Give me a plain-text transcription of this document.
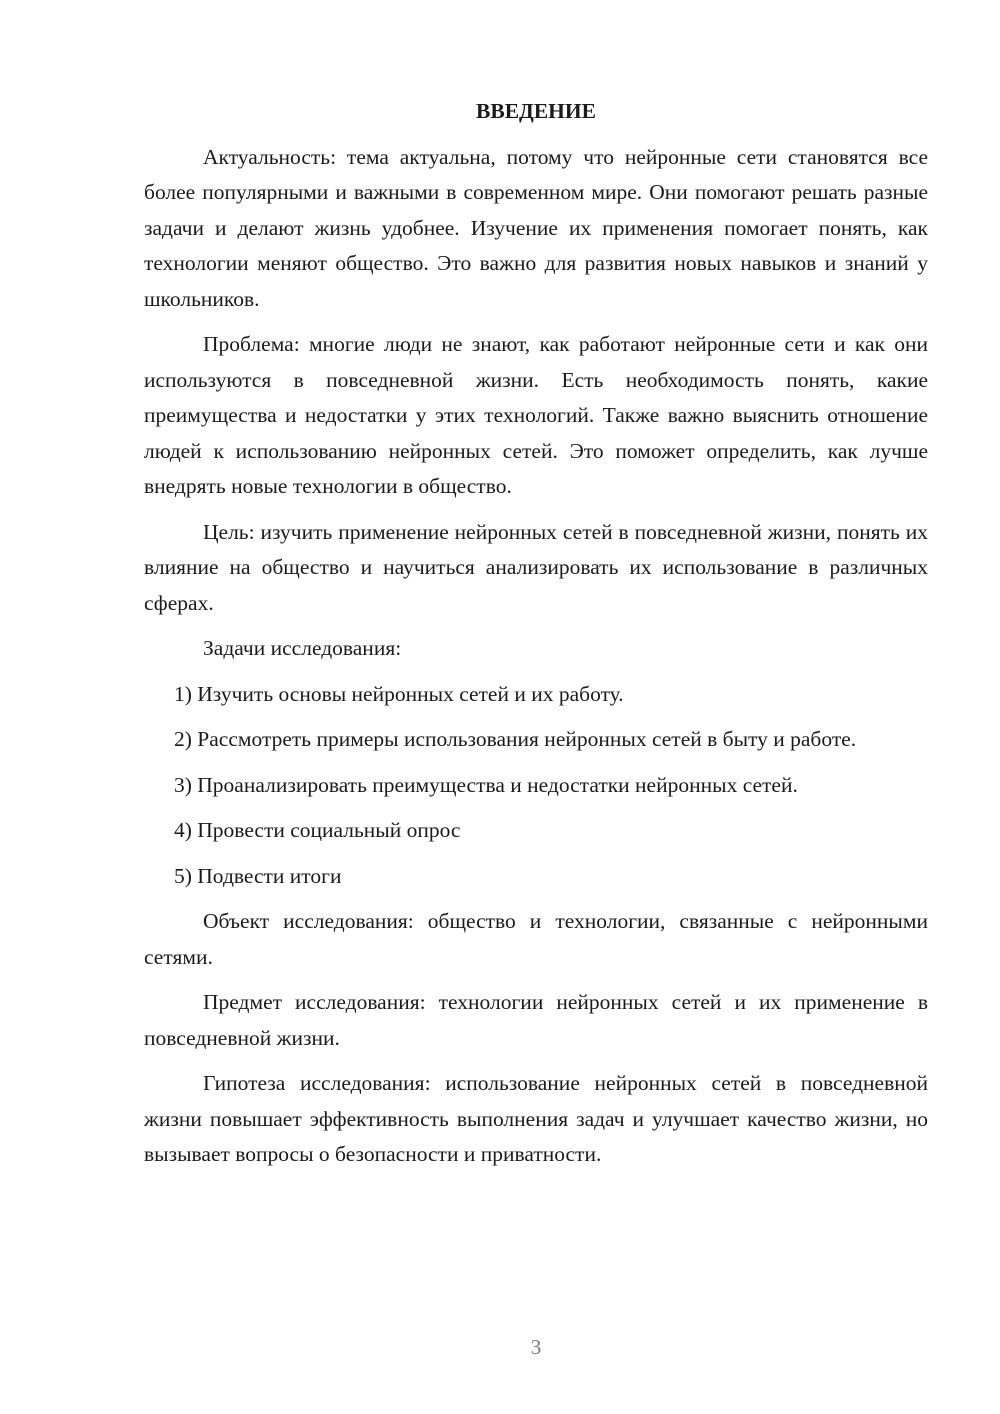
ВВЕДЕНИЕ

Актуальность: тема актуальна, потому что нейронные сети становятся все более популярными и важными в современном мире. Они помогают решать разные задачи и делают жизнь удобнее. Изучение их применения помогает понять, как технологии меняют общество. Это важно для развития новых навыков и знаний у школьников.

Проблема: многие люди не знают, как работают нейронные сети и как они используются в повседневной жизни. Есть необходимость понять, какие преимущества и недостатки у этих технологий. Также важно выяснить отношение людей к использованию нейронных сетей. Это поможет определить, как лучше внедрять новые технологии в общество.

Цель: изучить применение нейронных сетей в повседневной жизни, понять их влияние на общество и научиться анализировать их использование в различных сферах.

Задачи исследования:

1) Изучить основы нейронных сетей и их работу.

2) Рассмотреть примеры использования нейронных сетей в быту и работе.

3) Проанализировать преимущества и недостатки нейронных сетей.

4) Провести социальный опрос

5) Подвести итоги

Объект исследования: общество и технологии, связанные с нейронными сетями.

Предмет исследования: технологии нейронных сетей и их применение в повседневной жизни.

Гипотеза исследования: использование нейронных сетей в повседневной жизни повышает эффективность выполнения задач и улучшает качество жизни, но вызывает вопросы о безопасности и приватности.

3
